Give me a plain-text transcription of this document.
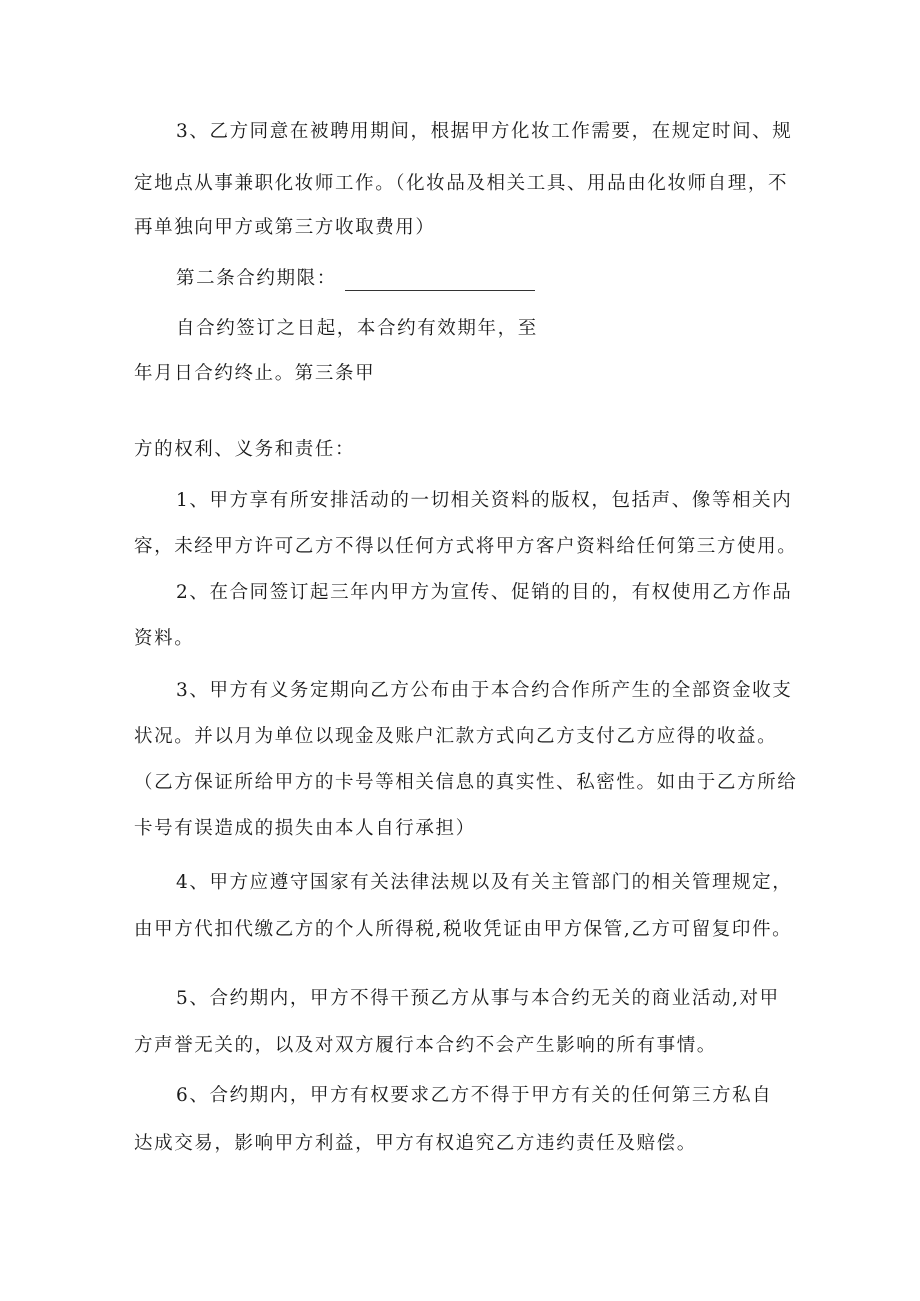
3、乙方同意在被聘用期间，根据甲方化妆工作需要，在规定时间、规
定地点从事兼职化妆师工作。（化妆品及相关工具、用品由化妆师自理，不
再单独向甲方或第三方收取费用）
第二条合约期限：
自合约签订之日起，本合约有效期年，至
年月日合约终止。第三条甲
方的权利、义务和责任：
1、甲方享有所安排活动的一切相关资料的版权，包括声、像等相关内
容，未经甲方许可乙方不得以任何方式将甲方客户资料给任何第三方使用。
2、在合同签订起三年内甲方为宣传、促销的目的，有权使用乙方作品
资料。
3、甲方有义务定期向乙方公布由于本合约合作所产生的全部资金收支
状况。并以月为单位以现金及账户汇款方式向乙方支付乙方应得的收益。
（乙方保证所给甲方的卡号等相关信息的真实性、私密性。如由于乙方所给
卡号有误造成的损失由本人自行承担）
4、甲方应遵守国家有关法律法规以及有关主管部门的相关管理规定，
由甲方代扣代缴乙方的个人所得税,税收凭证由甲方保管,乙方可留复印件。
5、合约期内，甲方不得干预乙方从事与本合约无关的商业活动,对甲
方声誉无关的，以及对双方履行本合约不会产生影响的所有事情。
6、合约期内，甲方有权要求乙方不得于甲方有关的任何第三方私自
达成交易，影响甲方利益，甲方有权追究乙方违约责任及赔偿。
